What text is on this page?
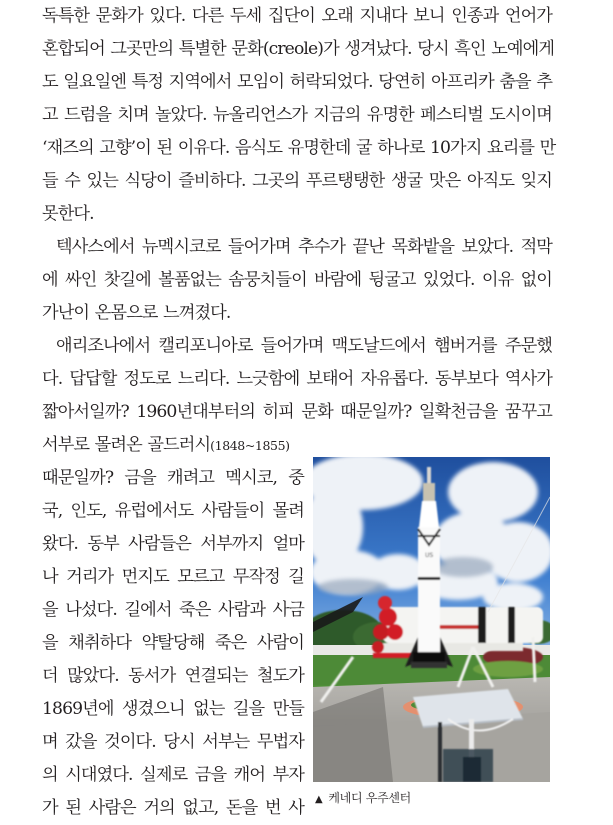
독특한 문화가 있다. 다른 두세 집단이 오래 지내다 보니 인종과 언어가
혼합되어 그곳만의 특별한 문화(creole)가 생겨났다. 당시 흑인 노예에게
도 일요일엔 특정 지역에서 모임이 허락되었다. 당연히 아프리카 춤을 추
고 드럼을 치며 놀았다. 뉴올리언스가 지금의 유명한 페스티벌 도시이며
‘재즈의 고향’이 된 이유다. 음식도 유명한데 굴 하나로 10가지 요리를 만
들 수 있는 식당이 즐비하다. 그곳의 푸르탱탱한 생굴 맛은 아직도 잊지
못한다.
텍사스에서 뉴멕시코로 들어가며 추수가 끝난 목화밭을 보았다. 적막
에 싸인 찻길에 볼품없는 솜뭉치들이 바람에 뒹굴고 있었다. 이유 없이
가난이 온몸으로 느껴졌다.
애리조나에서 캘리포니아로 들어가며 맥도날드에서 햄버거를 주문했
다. 답답할 정도로 느리다. 느긋함에 보태어 자유롭다. 동부보다 역사가
짧아서일까? 1960년대부터의 히피 문화 때문일까? 일확천금을 꿈꾸고
서부로 몰려온 골드러시(1848~1855)
때문일까? 금을 캐려고 멕시코, 중
국, 인도, 유럽에서도 사람들이 몰려
왔다. 동부 사람들은 서부까지 얼마
나 거리가 먼지도 모르고 무작정 길
을 나섰다. 길에서 죽은 사람과 사금
을 채취하다 약탈당해 죽은 사람이
더 많았다. 동서가 연결되는 철도가
1869년에 생겼으니 없는 길을 만들
며 갔을 것이다. 당시 서부는 무법자
의 시대였다. 실제로 금을 캐어 부자
가 된 사람은 거의 없고, 돈을 번 사
US
▲ 케네디 우주센터
